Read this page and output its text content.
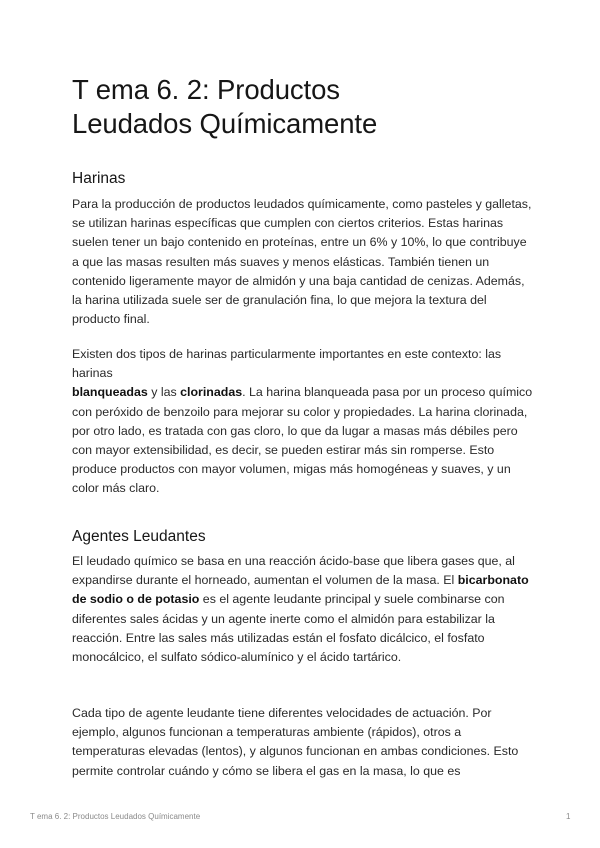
T ema 6. 2: Productos
Leudados Químicamente
Harinas

Para la producción de productos leudados químicamente, como pasteles y galletas, se utilizan harinas específicas que cumplen con ciertos criterios. Estas harinas suelen tener un bajo contenido en proteínas, entre un 6% y 10%, lo que contribuye a que las masas resulten más suaves y menos elásticas. También tienen un contenido ligeramente mayor de almidón y una baja cantidad de cenizas. Además, la harina utilizada suele ser de granulación fina, lo que mejora la textura del producto final.

Existen dos tipos de harinas particularmente importantes en este contexto: las harinas
blanqueadas y las clorinadas. La harina blanqueada pasa por un proceso químico con peróxido de benzoilo para mejorar su color y propiedades. La harina clorinada, por otro lado, es tratada con gas cloro, lo que da lugar a masas más débiles pero con mayor extensibilidad, es decir, se pueden estirar más sin romperse. Esto produce productos con mayor volumen, migas más homogéneas y suaves, y un color más claro.

Agentes Leudantes

El leudado químico se basa en una reacción ácido-base que libera gases que, al expandirse durante el horneado, aumentan el volumen de la masa. El bicarbonato de sodio o de potasio es el agente leudante principal y suele combinarse con diferentes sales ácidas y un agente inerte como el almidón para estabilizar la reacción. Entre las sales más utilizadas están el fosfato dicálcico, el fosfato monocálcico, el sulfato sódico-alumínico y el ácido tartárico.

Cada tipo de agente leudante tiene diferentes velocidades de actuación. Por ejemplo, algunos funcionan a temperaturas ambiente (rápidos), otros a temperaturas elevadas (lentos), y algunos funcionan en ambas condiciones. Esto permite controlar cuándo y cómo se libera el gas en la masa, lo que es

T ema 6. 2: Productos Leudados Químicamente	1
